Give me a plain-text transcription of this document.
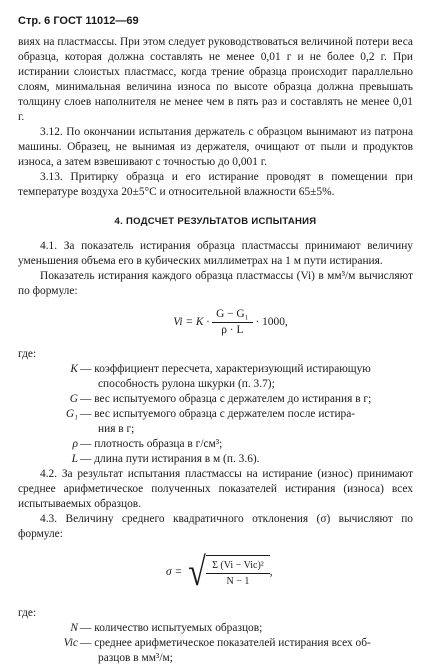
Стр. 6 ГОСТ 11012—69

виях на пластмассы. При этом следует руководствоваться величиной потери веса образца, которая должна составлять не менее 0,01 г и не более 0,2 г. При истирании слоистых пластмасс, когда трение образца происходит параллельно слоям, минимальная величина износа по высоте образца должна превышать толщину слоев наполнителя не менее чем в пять раз и составлять не менее 0,01 г.

3.12. По окончании испытания держатель с образцом вынимают из патрона машины. Образец, не вынимая из держателя, очищают от пыли и продуктов износа, а затем взвешивают с точностью до 0,001 г.

3.13. Притирку образца и его истирание проводят в помещении при температуре воздуха 20±5°С и относительной влажности 65±5%.

4. ПОДСЧЕТ РЕЗУЛЬТАТОВ ИСПЫТАНИЯ

4.1. За показатель истирания образца пластмассы принимают величину уменьшения объема его в кубических миллиметрах на 1 м пути истирания.

Показатель истирания каждого образца пластмассы (Vi) в мм³/м вычисляют по формуле:

$Vi = K \cdot \frac{\text{G − G₁}}{\rho \cdot L} \cdot 1000$,
где:
K — коэффициент пересчета, характеризующий истирающую
способность рулона шкурки (п. 3.7);
G — вес испытуемого образца с держателем до истирания в г;
G₁ — вес испытуемого образца с держателем после истира-
ния в г;
ρ — плотность образца в г/см³;
L — длина пути истирания в м (п. 3.6).

4.2. За результат испытания пластмассы на истирание (износ) принимают среднее арифметическое полученных показателей истирания (износа) всех испытываемых образцов.

4.3. Величину среднего квадратичного отклонения (σ) вычисляют по формуле:

σ = √ $\frac{\text{Σ (Vi − Vic)²}}{N - 1}$ ,
где:
N — количество испытуемых образцов;
Vic — среднее арифметическое показателей истирания всех об-
разцов в мм³/м;
